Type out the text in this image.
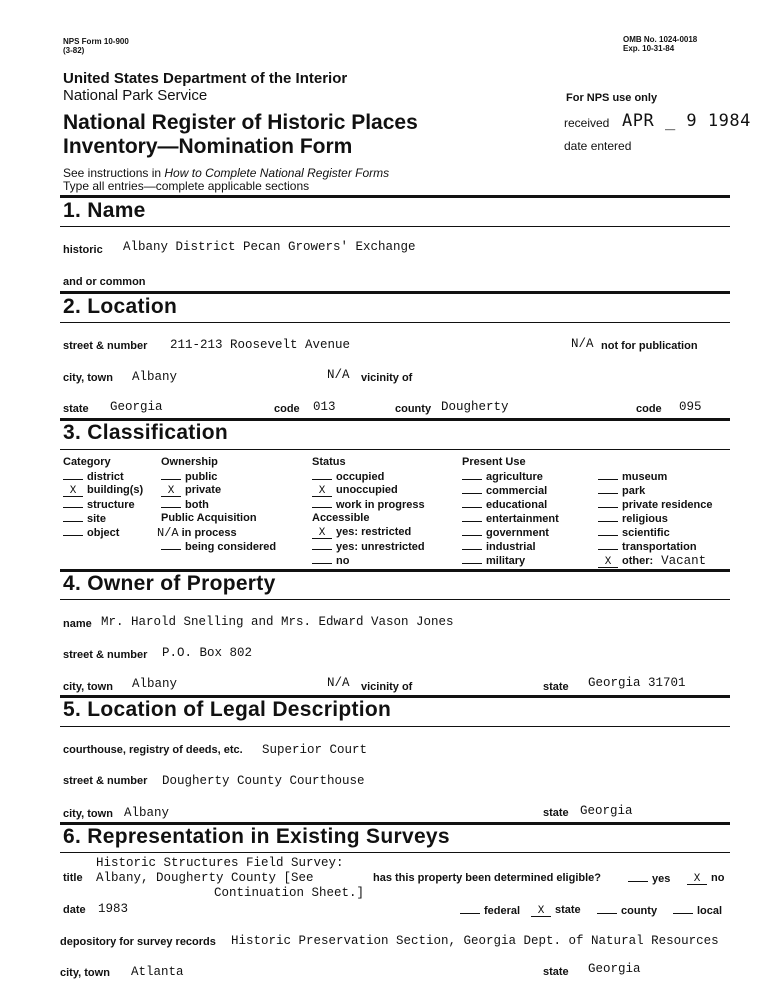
NPS Form 10-900
(3-82)
OMB No. 1024-0018
Exp. 10-31-84
United States Department of the Interior
National Park Service
National Register of Historic Places
Inventory—Nomination Form
For NPS use only
received APR _ 9 1984
date entered
See instructions in How to Complete National Register Forms
Type all entries—complete applicable sections
1. Name
historic Albany District Pecan Growers' Exchange
and or common
2. Location
street & number 211-213 Roosevelt Avenue	N/A not for publication
city, town Albany	N/A vicinity of
state Georgia	code 013	county Dougherty	code 095
3. Classification
Category
district
X building(s)
structure
site
object
Ownership
public
X private
both
Public Acquisition
N/A in process
being considered
Status
occupied
X unoccupied
work in progress
Accessible
X yes: restricted
yes: unrestricted
no
Present Use
agriculture
commercial
educational
entertainment
government
industrial
military
museum
park
private residence
religious
scientific
transportation
X other: Vacant
4. Owner of Property
name Mr. Harold Snelling and Mrs. Edward Vason Jones
street & number P.O. Box 802
city, town Albany	N/A vicinity of	state Georgia 31701
5. Location of Legal Description
courthouse, registry of deeds, etc. Superior Court
street & number Dougherty County Courthouse
city, town Albany	state Georgia
6. Representation in Existing Surveys
Historic Structures Field Survey:
title Albany, Dougherty County [See
Continuation Sheet.]
has this property been determined eligible?	yes	X no
date 1983	federal	X state	county	local
depository for survey records Historic Preservation Section, Georgia Dept. of Natural Resources
city, town Atlanta	state Georgia
